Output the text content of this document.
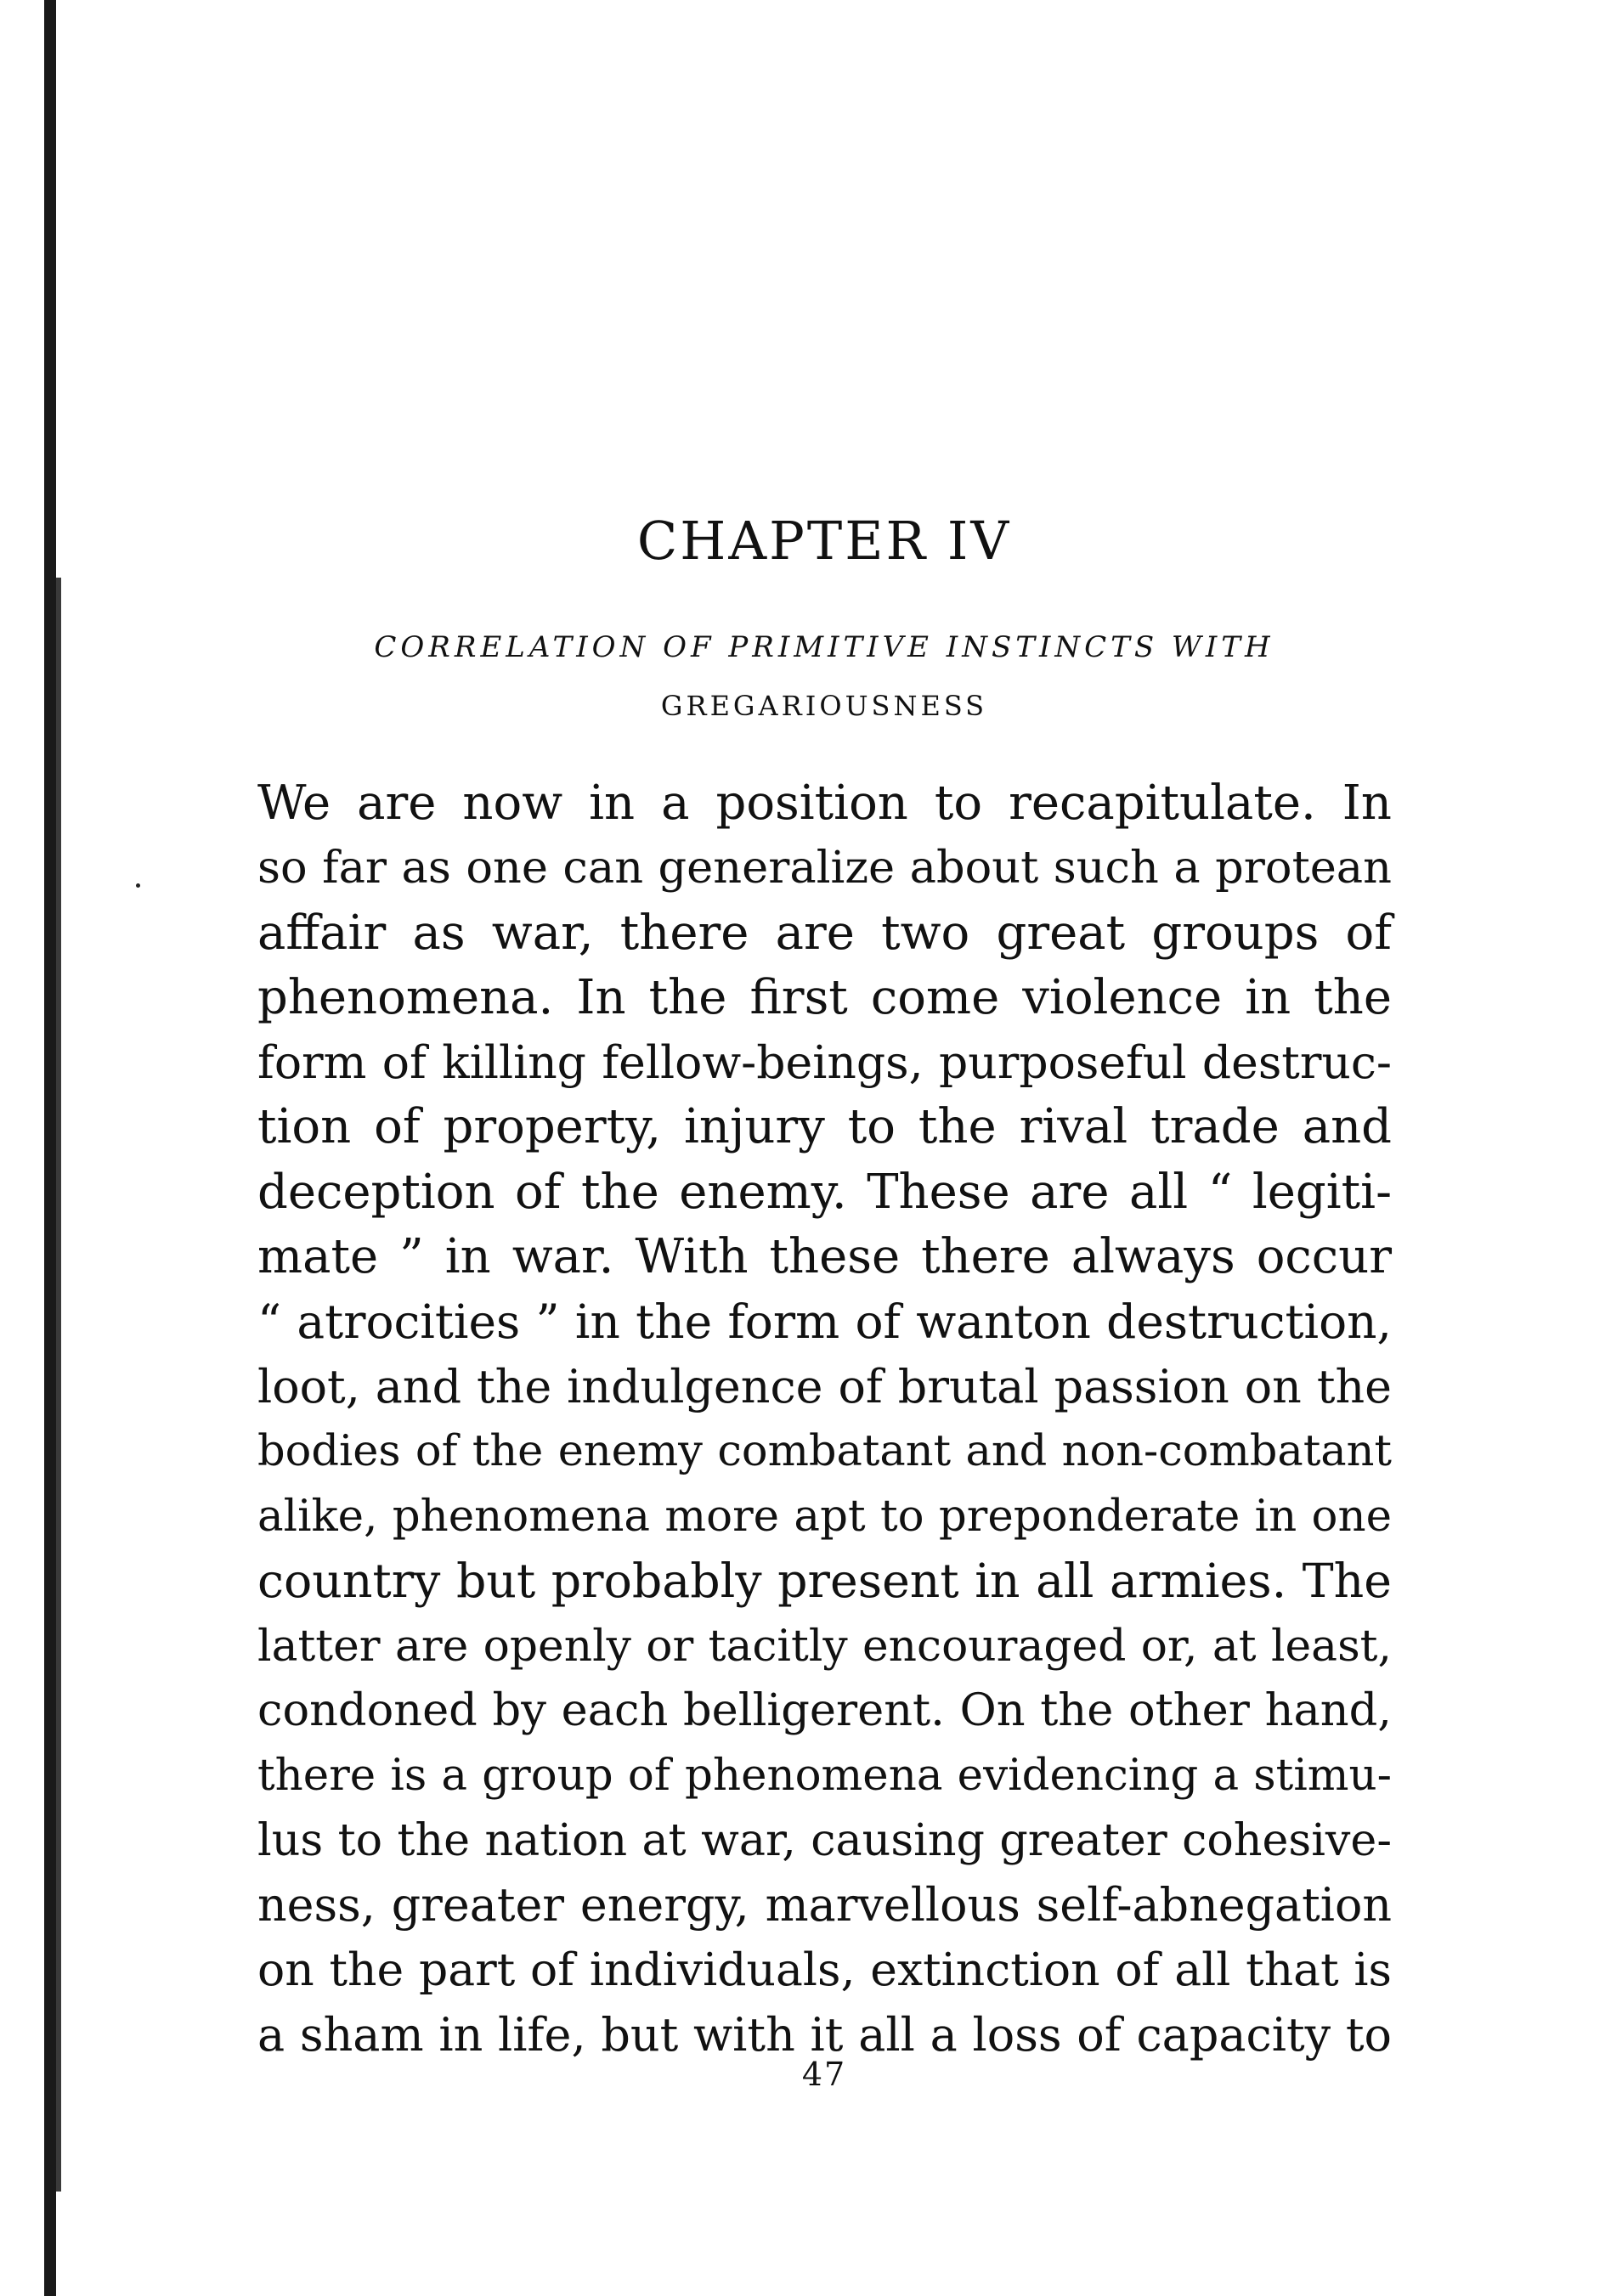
CHAPTER IV
CORRELATION OF PRIMITIVE INSTINCTS WITH
GREGARIOUSNESS
We are now in a position to recapitulate. In
so far as one can generalize about such a protean
affair as war, there are two great groups of
phenomena. In the first come violence in the
form of killing fellow-beings, purposeful destruc-
tion of property, injury to the rival trade and
deception of the enemy. These are all “ legiti-
mate ” in war. With these there always occur
“ atrocities ” in the form of wanton destruction,
loot, and the indulgence of brutal passion on the
bodies of the enemy combatant and non-combatant
alike, phenomena more apt to preponderate in one
country but probably present in all armies. The
latter are openly or tacitly encouraged or, at least,
condoned by each belligerent. On the other hand,
there is a group of phenomena evidencing a stimu-
lus to the nation at war, causing greater cohesive-
ness, greater energy, marvellous self-abnegation
on the part of individuals, extinction of all that is
a sham in life, but with it all a loss of capacity to
47
